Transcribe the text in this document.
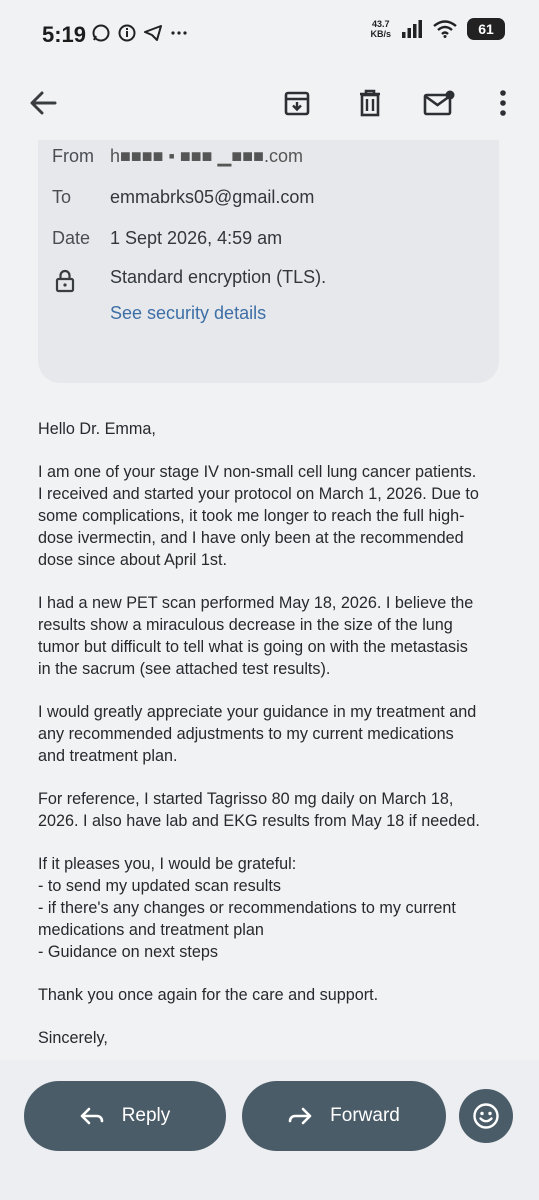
5:19	43.7
KB/s	61
From h■■■■ ▪ ■■■ ▁■■■.com
To emmabrks05@gmail.com
Date 1 Sept 2026, 4:59 am
Standard encryption (TLS).
See security details

Hello Dr. Emma,

I am one of your stage IV non-small cell lung cancer patients.
I received and started your protocol on March 1, 2026. Due to
some complications, it took me longer to reach the full high-
dose ivermectin, and I have only been at the recommended
dose since about April 1st.

I had a new PET scan performed May 18, 2026. I believe the
results show a miraculous decrease in the size of the lung
tumor but difficult to tell what is going on with the metastasis
in the sacrum (see attached test results).

I would greatly appreciate your guidance in my treatment and
any recommended adjustments to my current medications
and treatment plan.

For reference, I started Tagrisso 80 mg daily on March 18,
2026. I also have lab and EKG results from May 18 if needed.

If it pleases you, I would be grateful:
- to send my updated scan results
- if there's any changes or recommendations to my current
medications and treatment plan
- Guidance on next steps

Thank you once again for the care and support.

Sincerely,

Reply	Forward
